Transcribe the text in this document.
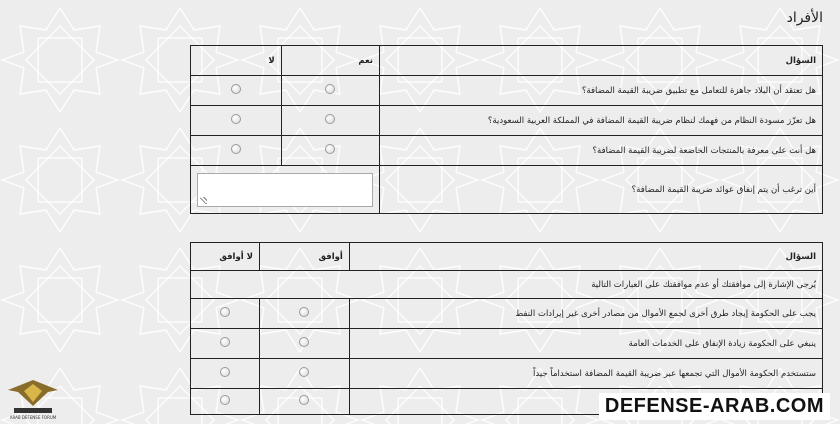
الأفراد
السؤال	نعم	لا
هل تعتقد أن البلاد جاهزة للتعامل مع تطبيق ضريبة القيمة المضافة؟		
هل تعزّز مسودة النظام من فهمك لنظام ضريبة القيمة المضافة في المملكة العربية السعودية؟		
هل أنت على معرفة بالمنتجات الخاضعة لضريبة القيمة المضافة؟		
أين ترغب أن يتم إنفاق عوائد ضريبة القيمة المضافة؟		
السؤال	أوافق	لا أوافق
يُرجى الإشارة إلى موافقتك أو عدم موافقتك على العبارات التالية		
يجب على الحكومة إيجاد طرق أخرى لجمع الأموال من مصادر أخرى غير إيرادات النفط		
ينبغي على الحكومة زيادة الإنفاق على الخدمات العامة		
ستستخدم الحكومة الأموال التي تجمعها عبر ضريبة القيمة المضافة استخداماً جيداً		

ARAB DEFENSE FORUM
DEFENSE-ARAB.COM
